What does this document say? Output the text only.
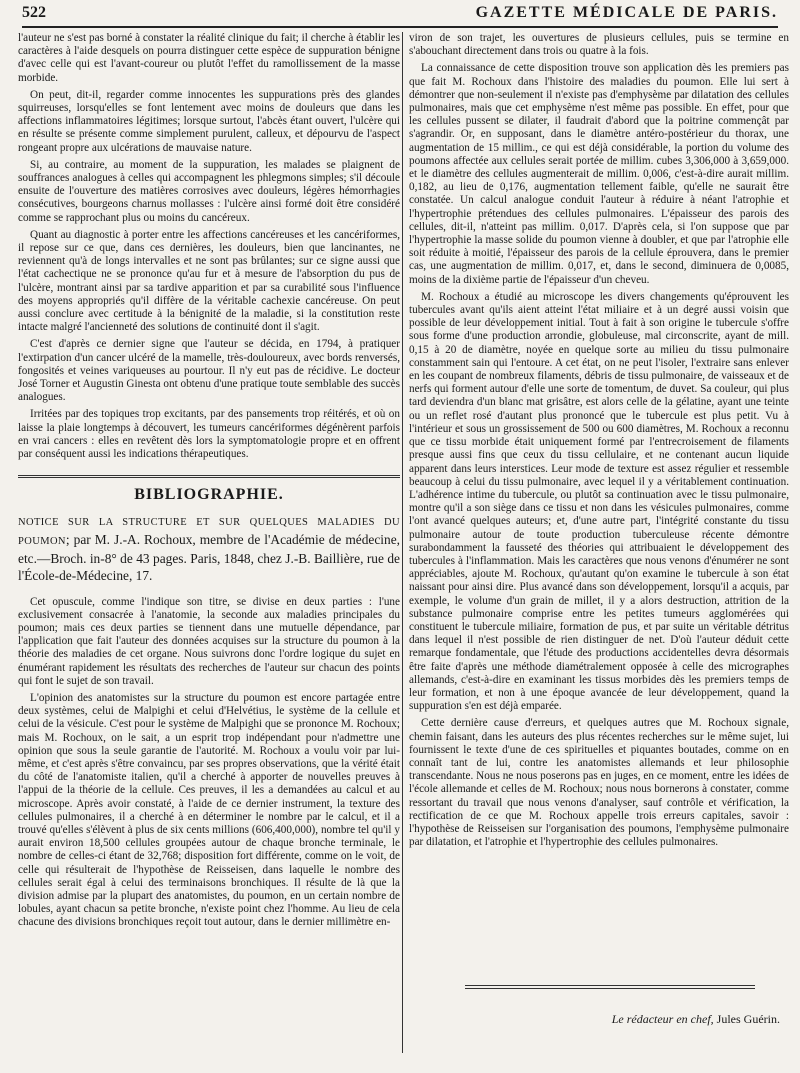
522	GAZETTE MÉDICALE DE PARIS.

l'auteur ne s'est pas borné à constater la réalité clinique du fait; il cherche à établir les caractères à l'aide desquels on pourra distinguer cette espèce de suppuration bénigne d'avec celle qui est l'avant-coureur ou plutôt l'effet du ramollissement de la masse morbide.

On peut, dit-il, regarder comme innocentes les suppurations près des glandes squirreuses, lorsqu'elles se font lentement avec moins de douleurs que dans les affections inflammatoires légitimes; lorsque surtout, l'abcès étant ouvert, l'ulcère qui en résulte se présente comme simplement purulent, calleux, et dépourvu de l'aspect rongeant propre aux ulcérations de mauvaise nature.

Si, au contraire, au moment de la suppuration, les malades se plaignent de souffrances analogues à celles qui accompagnent les phlegmons simples; s'il découle ensuite de l'ouverture des matières corrosives avec douleurs, légères hémorrhagies consécutives, bourgeons charnus mollasses : l'ulcère ainsi formé doit être considéré comme se rapprochant plus ou moins du cancéreux.

Quant au diagnostic à porter entre les affections cancéreuses et les cancériformes, il repose sur ce que, dans ces dernières, les douleurs, bien que lancinantes, ne reviennent qu'à de longs intervalles et ne sont pas brûlantes; sur ce signe aussi que l'état cachectique ne se prononce qu'au fur et à mesure de l'absorption du pus de l'ulcère, montrant ainsi par sa tardive apparition et par sa curabilité sous l'influence des moyens appropriés qu'il diffère de la véritable cachexie cancéreuse. On peut aussi conclure avec certitude à la bénignité de la maladie, si la constitution reste intacte malgré l'ancienneté des solutions de continuité dont il s'agit.

C'est d'après ce dernier signe que l'auteur se décida, en 1794, à pratiquer l'extirpation d'un cancer ulcéré de la mamelle, très-douloureux, avec bords renversés, fongosités et veines variqueuses au pourtour. Il n'y eut pas de récidive. Le docteur José Torner et Augustin Ginesta ont obtenu d'une pratique toute semblable des succès analogues.

Irritées par des topiques trop excitants, par des pansements trop réitérés, et où on laisse la plaie longtemps à découvert, les tumeurs cancériformes dégénèrent parfois en vrai cancers : elles en revêtent dès lors la symptomatologie propre et en offrent par conséquent aussi les indications thérapeutiques.

BIBLIOGRAPHIE.
NOTICE SUR LA STRUCTURE ET SUR QUELQUES MALADIES DU POUMON; par M. J.-A. Rochoux, membre de l'Académie de médecine, etc.—Broch. in-8° de 43 pages. Paris, 1848, chez J.-B. Baillière, rue de l'École-de-Médecine, 17.

Cet opuscule, comme l'indique son titre, se divise en deux parties : l'une exclusivement consacrée à l'anatomie, la seconde aux maladies principales du poumon; mais ces deux parties se tiennent dans une mutuelle dépendance, par l'application que fait l'auteur des données acquises sur la structure du poumon à la théorie des maladies de cet organe. Nous suivrons donc l'ordre logique du sujet en énumérant rapidement les résultats des recherches de l'auteur sur chacun des points qui font le sujet de son travail.

L'opinion des anatomistes sur la structure du poumon est encore partagée entre deux systèmes, celui de Malpighi et celui d'Helvétius, le système de la cellule et celui de la vésicule. C'est pour le système de Malpighi que se prononce M. Rochoux; mais M. Rochoux, on le sait, a un esprit trop indépendant pour n'admettre une opinion que sous la seule garantie de l'autorité. M. Rochoux a voulu voir par lui-même, et c'est après s'être convaincu, par ses propres observations, que la vérité était du côté de l'anatomiste italien, qu'il a cherché à apporter de nouvelles preuves à l'appui de la théorie de la cellule. Ces preuves, il les a demandées au calcul et au microscope. Après avoir constaté, à l'aide de ce dernier instrument, la texture des cellules pulmonaires, il a cherché à en déterminer le nombre par le calcul, et il a trouvé qu'elles s'élèvent à plus de six cents millions (606,400,000), nombre tel qu'il y aurait environ 18,500 cellules groupées autour de chaque bronche terminale, le nombre de celles-ci étant de 32,768; disposition fort différente, comme on le voit, de celle qui résulterait de l'hypothèse de Reisseisen, dans laquelle le nombre des cellules serait égal à celui des terminaisons bronchiques. Il résulte de là que la division admise par la plupart des anatomistes, du poumon, en un certain nombre de lobules, ayant chacun sa petite bronche, n'existe point chez l'homme. Au lieu de cela chacune des divisions bronchiques reçoit tout autour, dans le dernier millimètre en-

viron de son trajet, les ouvertures de plusieurs cellules, puis se termine en s'abouchant directement dans trois ou quatre à la fois.

La connaissance de cette disposition trouve son application dès les premiers pas que fait M. Rochoux dans l'histoire des maladies du poumon. Elle lui sert à démontrer que non-seulement il n'existe pas d'emphysème par dilatation des cellules pulmonaires, mais que cet emphysème n'est même pas possible. En effet, pour que les cellules pussent se dilater, il faudrait d'abord que la poitrine commençât par s'agrandir. Or, en supposant, dans le diamètre antéro-postérieur du thorax, une augmentation de 15 millim., ce qui est déjà considérable, la portion du volume des poumons affectée aux cellules serait portée de millim. cubes 3,306,000 à 3,659,000. et le diamètre des cellules augmenterait de millim. 0,006, c'est-à-dire aurait millim. 0,182, au lieu de 0,176, augmentation tellement faible, qu'elle ne saurait être constatée. Un calcul analogue conduit l'auteur à réduire à néant l'atrophie et l'hypertrophie prétendues des cellules pulmonaires. L'épaisseur des parois des cellules, dit-il, n'atteint pas millim. 0,017. D'après cela, si l'on suppose que par l'hypertrophie la masse solide du poumon vienne à doubler, et que par l'atrophie elle soit réduite à moitié, l'épaisseur des parois de la cellule éprouvera, dans le premier cas, une augmentation de millim. 0,017, et, dans le second, diminuera de 0,0085, moins de la dixième partie de l'épaisseur d'un cheveu.

M. Rochoux a étudié au microscope les divers changements qu'éprouvent les tubercules avant qu'ils aient atteint l'état miliaire et à un degré aussi voisin que possible de leur développement initial. Tout à fait à son origine le tubercule s'offre sous forme d'une production arrondie, globuleuse, mal circonscrite, ayant de mill. 0,15 à 20 de diamètre, noyée en quelque sorte au milieu du tissu pulmonaire constamment sain qui l'entoure. A cet état, on ne peut l'isoler, l'extraire sans enlever en les coupant de nombreux filaments, débris de tissu pulmonaire, de vaisseaux et de nerfs qui forment autour d'elle une sorte de tomentum, de duvet. Sa couleur, qui plus tard deviendra d'un blanc mat grisâtre, est alors celle de la gélatine, ayant une teinte ou un reflet rosé d'autant plus prononcé que le tubercule est plus petit. Vu à l'intérieur et sous un grossissement de 500 ou 600 diamètres, M. Rochoux a reconnu que ce tissu morbide était uniquement formé par l'entrecroisement de filaments presque aussi fins que ceux du tissu cellulaire, et ne contenant aucun liquide apparent dans leurs interstices. Leur mode de texture est assez régulier et ressemble beaucoup à celui du tissu pulmonaire, avec lequel il y a véritablement continuation. L'adhérence intime du tubercule, ou plutôt sa continuation avec le tissu pulmonaire, montre qu'il a son siège dans ce tissu et non dans les vésicules pulmonaires, comme l'ont avancé quelques auteurs; et, d'une autre part, l'intégrité constante du tissu pulmonaire autour de toute production tuberculeuse récente démontre surabondamment la fausseté des théories qui attribuaient le développement des tubercules à l'inflammation. Mais les caractères que nous venons d'énumérer ne sont appréciables, ajoute M. Rochoux, qu'autant qu'on examine le tubercule à son état naissant pour ainsi dire. Plus avancé dans son développement, lorsqu'il a acquis, par exemple, le volume d'un grain de millet, il y a alors destruction, attrition de la substance pulmonaire comprise entre les petites tumeurs agglomérées qui constituent le tubercule miliaire, formation de pus, et par suite un véritable détritus dans lequel il n'est possible de rien distinguer de net. D'où l'auteur déduit cette remarque fondamentale, que l'étude des productions accidentelles devra désormais être faite d'après une méthode diamétralement opposée à celle des micrographes allemands, c'est-à-dire en examinant les tissus morbides dès les premiers temps de leur formation, et non à une époque avancée de leur développement, quand la suppuration s'en est déjà emparée.

Cette dernière cause d'erreurs, et quelques autres que M. Rochoux signale, chemin faisant, dans les auteurs des plus récentes recherches sur le même sujet, lui fournissent le texte d'une de ces spirituelles et piquantes boutades, comme on en connaît tant de lui, contre les anatomistes allemands et leur philosophie transcendante. Nous ne nous poserons pas en juges, en ce moment, entre les idées de l'école allemande et celles de M. Rochoux; nous nous bornerons à constater, comme ressortant du travail que nous venons d'analyser, sauf contrôle et vérification, la rectification de ce que M. Rochoux appelle trois erreurs capitales, savoir : l'hypothèse de Reisseisen sur l'organisation des poumons, l'emphysème pulmonaire par dilatation, et l'atrophie et l'hypertrophie des cellules pulmonaires.

Le rédacteur en chef, Jules Guérin.
